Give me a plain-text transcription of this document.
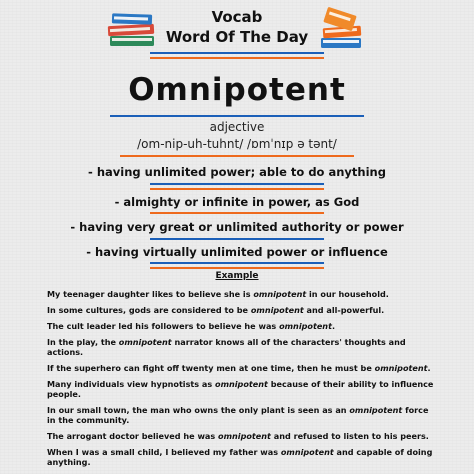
Vocab
Word Of The Day
Omnipotent
adjective
/om-nip-uh-tuhnt/ /ɒmˈnɪp ə tənt/
- having unlimited power; able to do anything
- almighty or infinite in power, as God
- having very great or unlimited authority or power
- having virtually unlimited power or influence
Example

My teenager daughter likes to believe she is omnipotent in our household.

In some cultures, gods are considered to be omnipotent and all-powerful.

The cult leader led his followers to believe he was omnipotent.

In the play, the omnipotent narrator knows all of the characters' thoughts and actions.

If the superhero can fight off twenty men at one time, then he must be omnipotent.

Many individuals view hypnotists as omnipotent because of their ability to influence people.

In our small town, the man who owns the only plant is seen as an omnipotent force in the community.

The arrogant doctor believed he was omnipotent and refused to listen to his peers.

When I was a small child, I believed my father was omnipotent and capable of doing anything.
